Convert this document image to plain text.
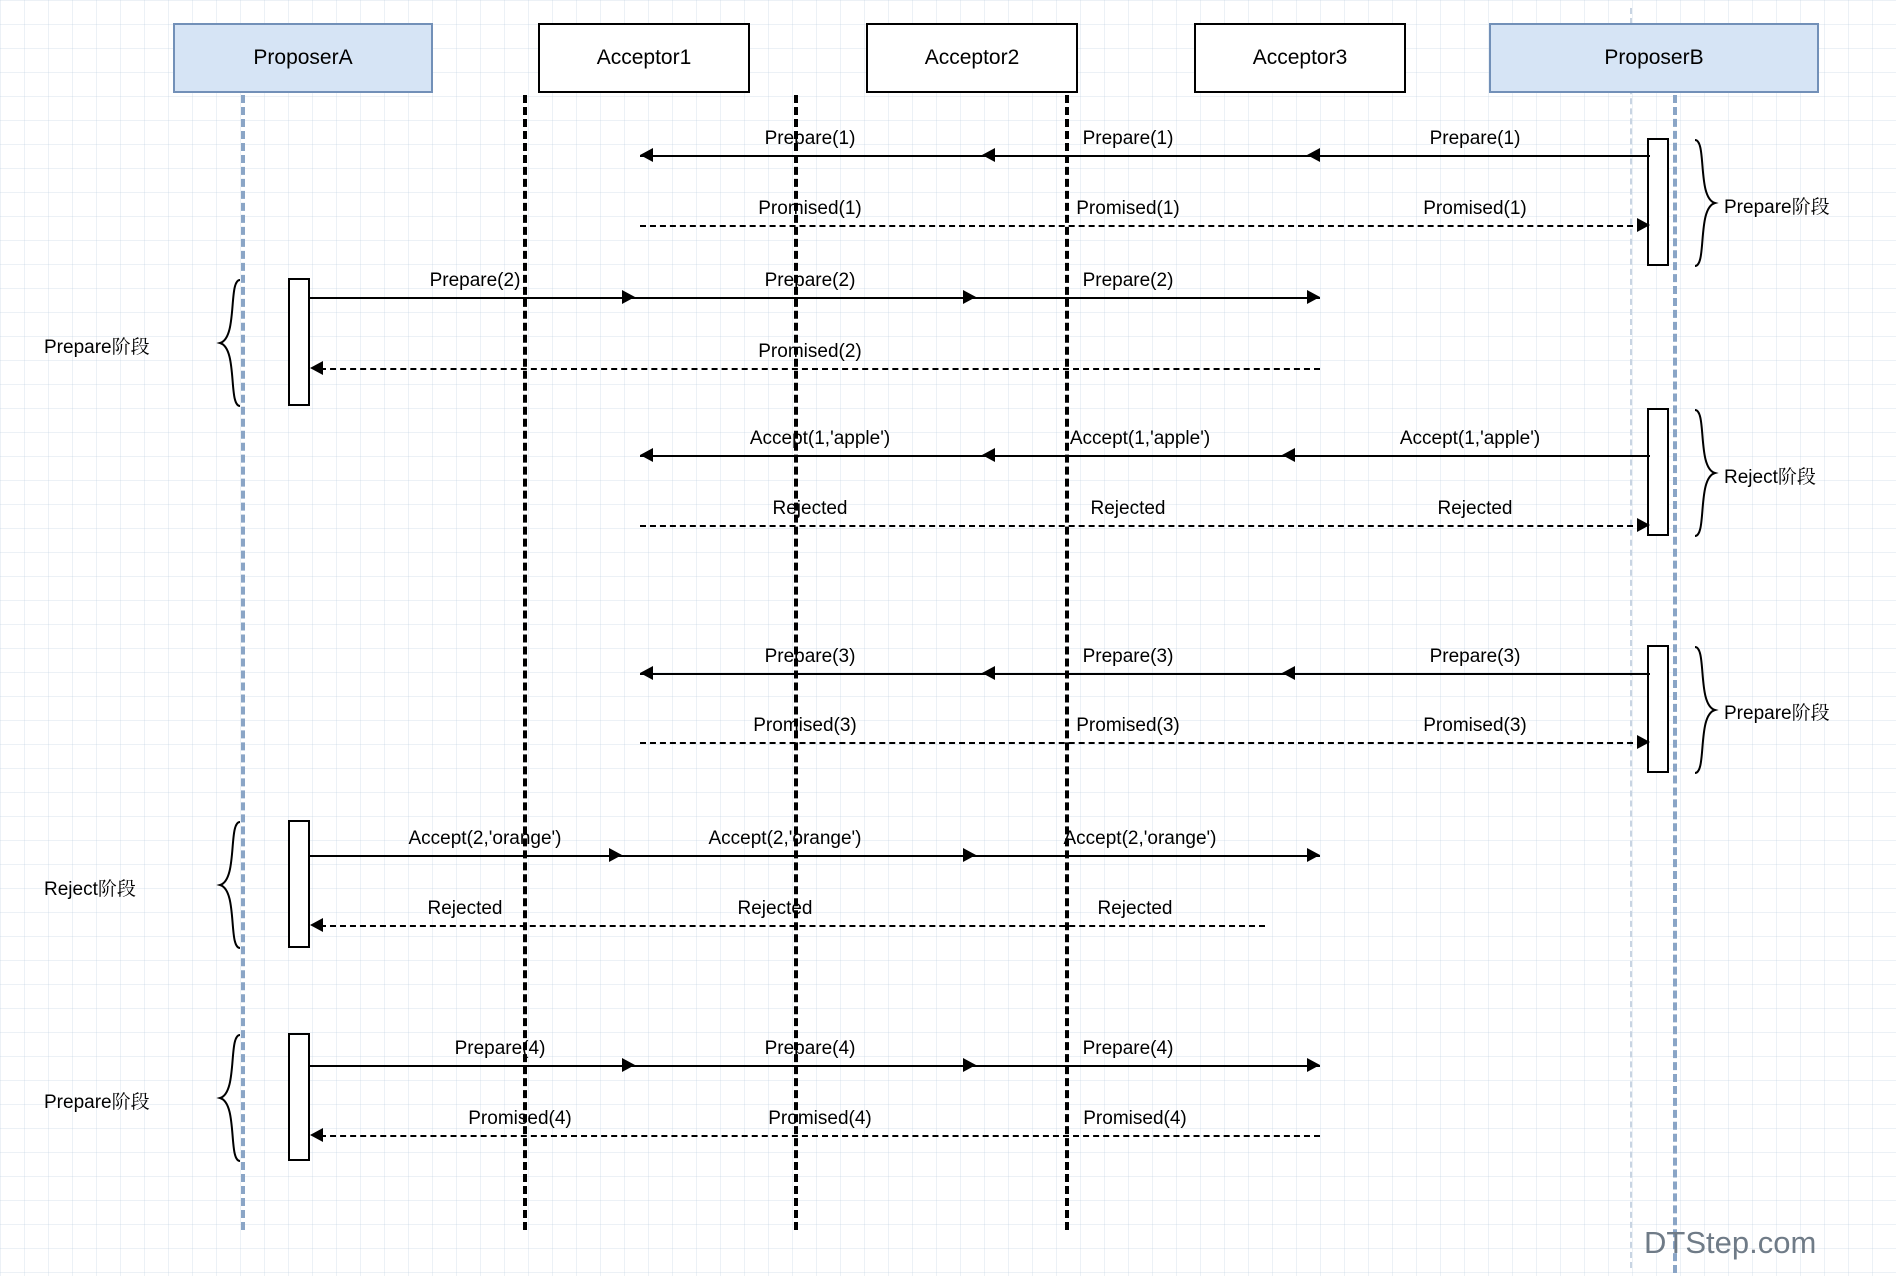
ProposerA	Acceptor1	Acceptor2	Acceptor3	ProposerB
Prepare(1)	Prepare(1)	Prepare(1)
Promised(1)	Promised(1)	Promised(1)
Prepare(2)	Prepare(2)	Prepare(2)
Promised(2)
Accept(1,'apple')	Accept(1,'apple')	Accept(1,'apple')
Rejected	Rejected	Rejected
Prepare(3)	Prepare(3)	Prepare(3)
Promised(3)	Promised(3)	Promised(3)
Accept(2,'orange')	Accept(2,'orange')	Accept(2,'orange')
Rejected	Rejected	Rejected
Prepare(4)	Prepare(4)	Prepare(4)
Promised(4)	Promised(4)	Promised(4)
Prepare阶段
Reject阶段
Prepare阶段
Prepare阶段
Reject阶段
Prepare阶段
DTStep.com
